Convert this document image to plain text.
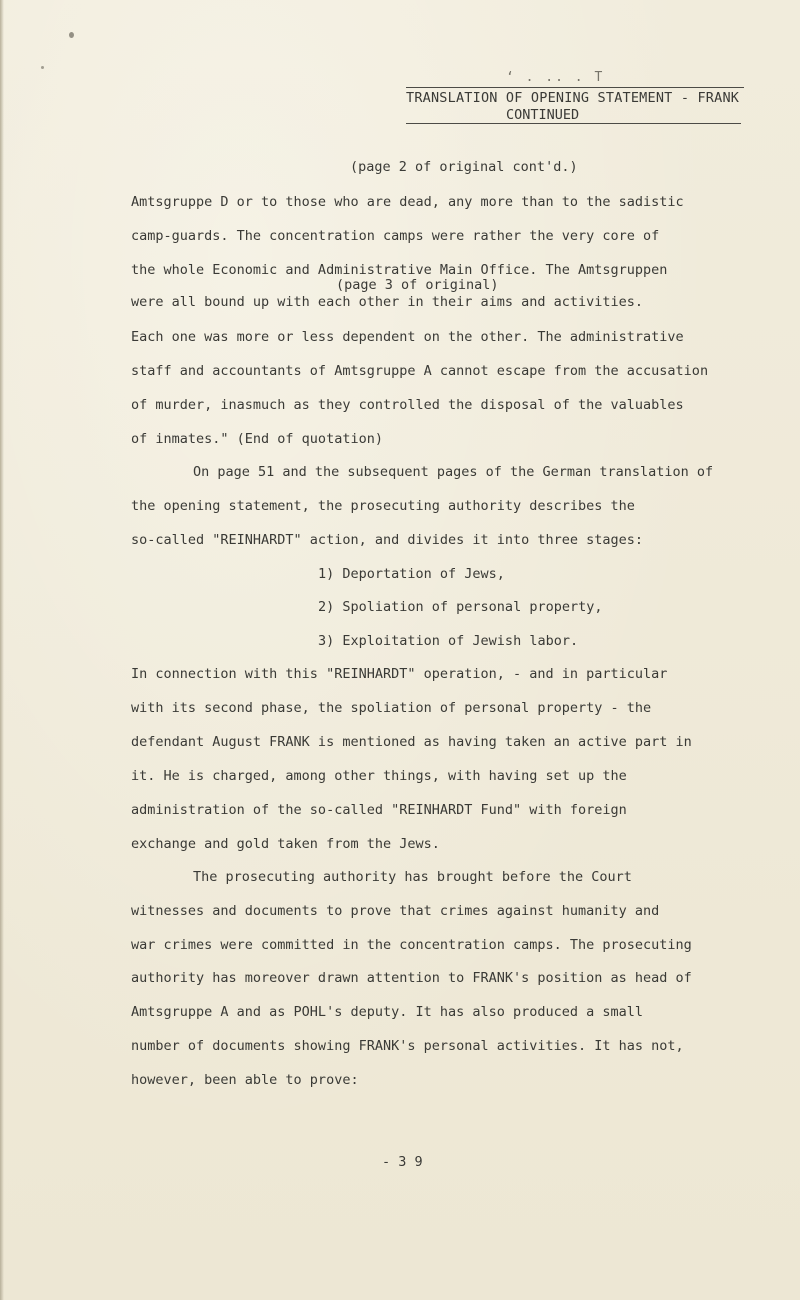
‘ . .. . T
TRANSLATION OF OPENING STATEMENT - FRANK
CONTINUED
(page 2 of original cont'd.)
Amtsgruppe D or to those who are dead, any more than to the sadistic
camp-guards. The concentration camps were rather the very core of
the whole Economic and Administrative Main Office. The Amtsgruppen
(page 3 of original)
were all bound up with each other in their aims and activities.
Each one was more or less dependent on the other. The administrative
staff and accountants of Amtsgruppe A cannot escape from the accusation
of murder, inasmuch as they controlled the disposal of the valuables
of inmates." (End of quotation)
On page 51 and the subsequent pages of the German translation of
the opening statement, the prosecuting authority describes the
so-called "REINHARDT" action, and divides it into three stages:
1) Deportation of Jews,
2) Spoliation of personal property,
3) Exploitation of Jewish labor.
In connection with this "REINHARDT" operation, - and in particular
with its second phase, the spoliation of personal property - the
defendant August FRANK is mentioned as having taken an active part in
it. He is charged, among other things, with having set up the
administration of the so-called "REINHARDT Fund" with foreign
exchange and gold taken from the Jews.
The prosecuting authority has brought before the Court
witnesses and documents to prove that crimes against humanity and
war crimes were committed in the concentration camps. The prosecuting
authority has moreover drawn attention to FRANK's position as head of
Amtsgruppe A and as POHL's deputy. It has also produced a small
number of documents showing FRANK's personal activities. It has not,
however, been able to prove:
- 3 9
